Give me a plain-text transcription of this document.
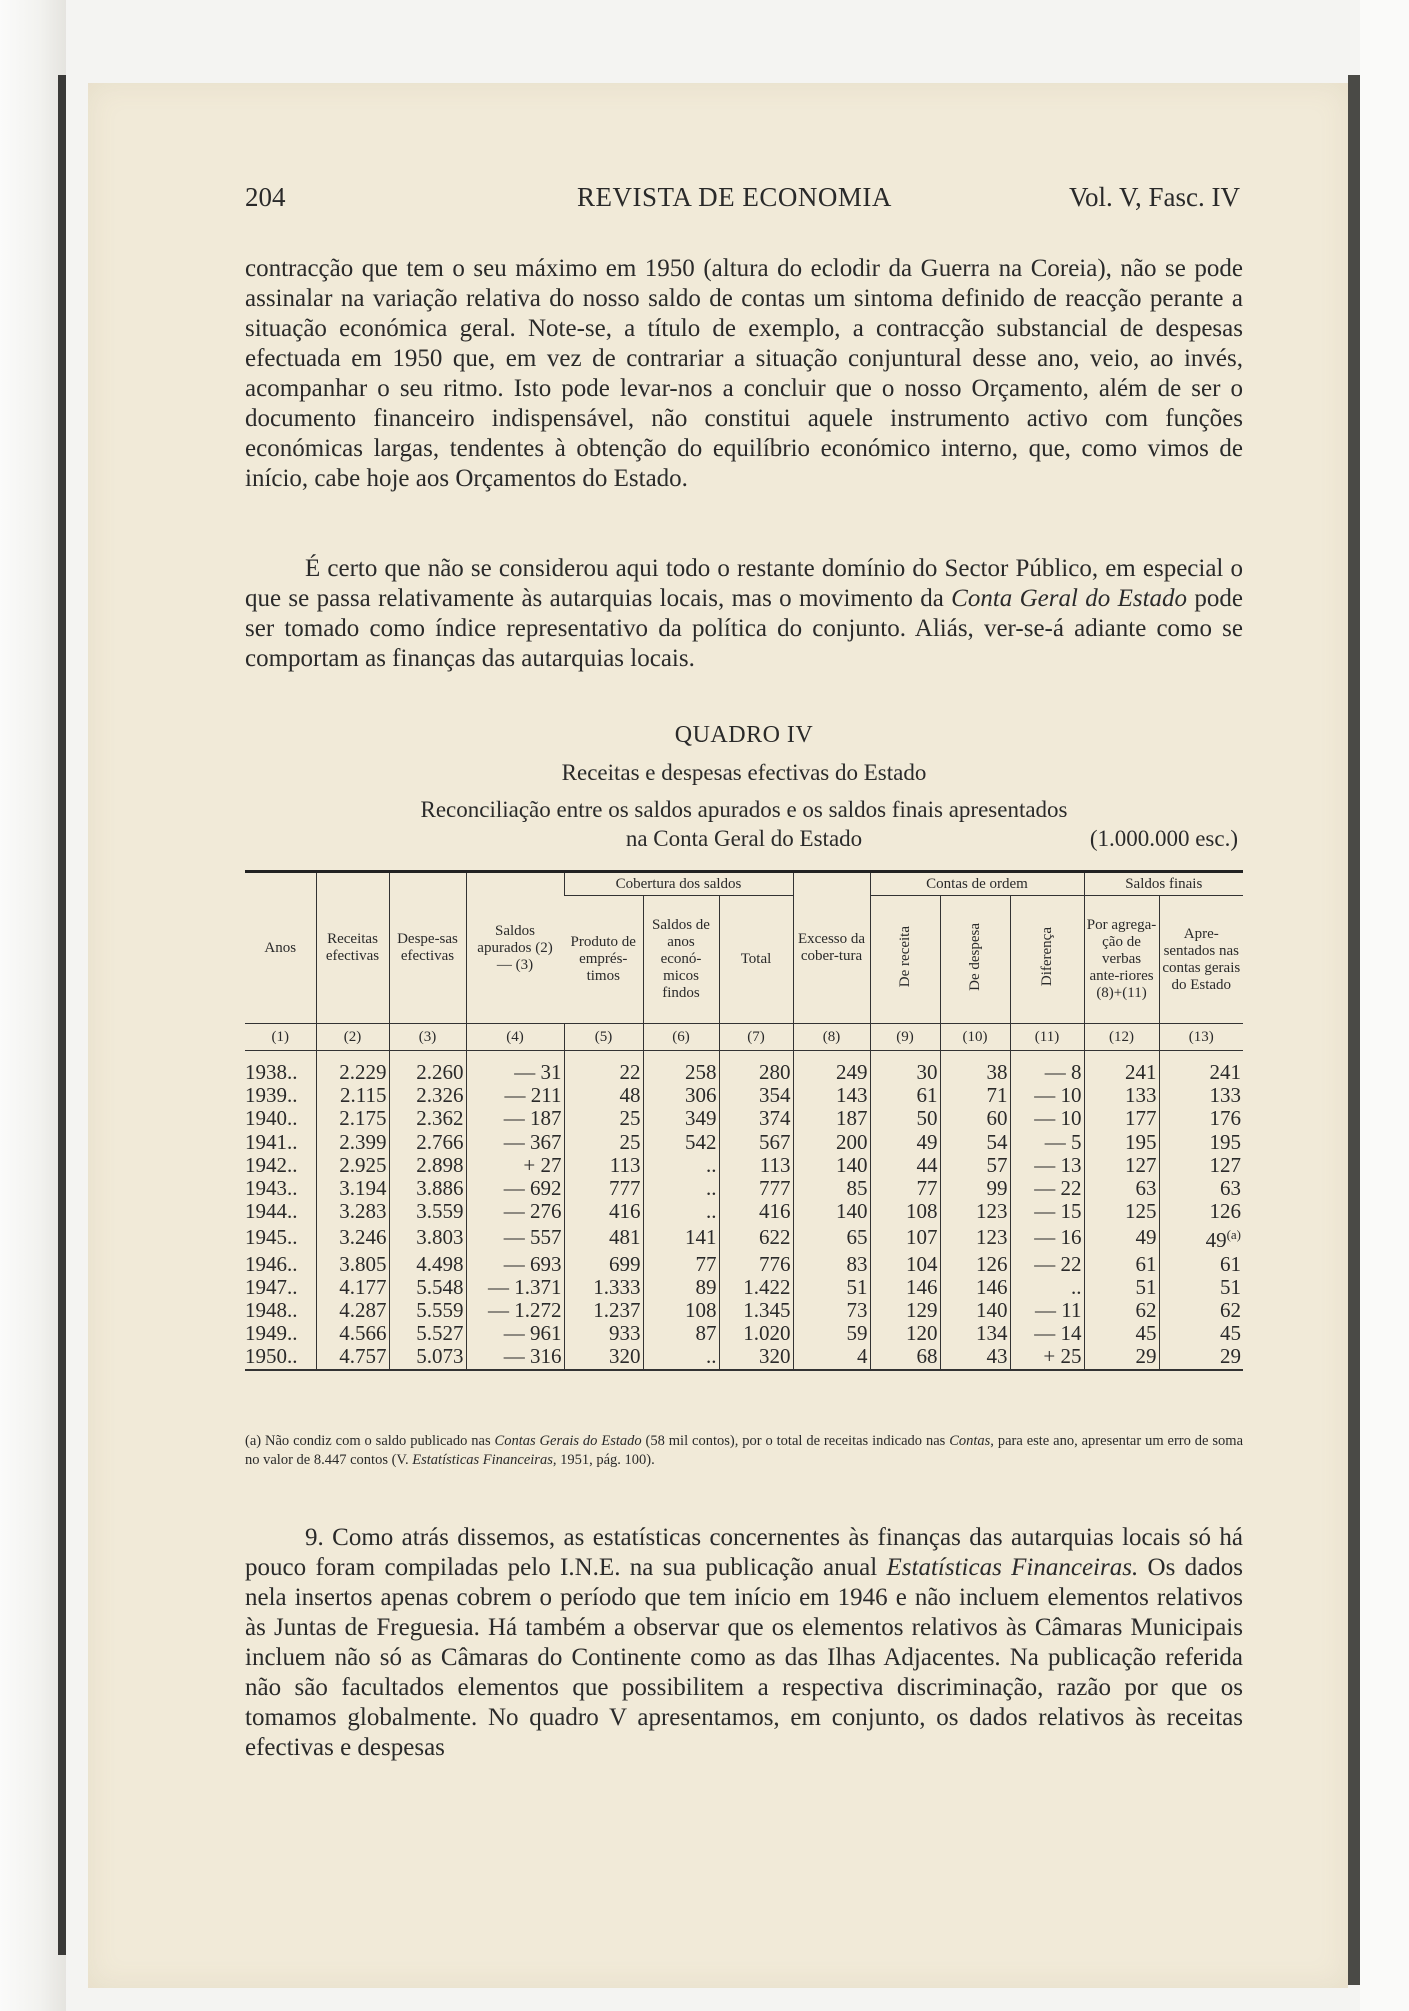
204	REVISTA DE ECONOMIA	Vol. V, Fasc. IV

contracção que tem o seu máximo em 1950 (altura do eclodir da Guerra na Coreia), não se pode assinalar na variação relativa do nosso saldo de contas um sintoma definido de reacção perante a situação económica geral. Note-se, a título de exemplo, a contracção substancial de despesas efectuada em 1950 que, em vez de contrariar a situação conjuntural desse ano, veio, ao invés, acompanhar o seu ritmo. Isto pode levar-nos a concluir que o nosso Orçamento, além de ser o documento financeiro indispensável, não constitui aquele instrumento activo com funções económicas largas, tendentes à obtenção do equilíbrio económico interno, que, como vimos de início, cabe hoje aos Orçamentos do Estado.

É certo que não se considerou aqui todo o restante domínio do Sector Público, em especial o que se passa relativamente às autarquias locais, mas o movimento da Conta Geral do Estado pode ser tomado como índice representativo da política do conjunto. Aliás, ver-se-á adiante como se comportam as finanças das autarquias locais.

QUADRO IV
Receitas e despesas efectivas do Estado
Reconciliação entre os saldos apurados e os saldos finais apresentados
na Conta Geral do Estado	(1.000.000 esc.)
Anos	Receitas efectivas	Despe-sas efectivas	Saldos apurados (2) — (3)	Cobertura dos saldos			Excesso da cober-tura	Contas de ordem			Saldos finais	
				Produto de emprés-timos	Saldos de anos econó-micos findos	Total		De receita	De despesa	Diferença	Por agrega-ção de verbas ante-riores (8)+(11)	Apre-sentados nas contas gerais do Estado
(1)	(2)	(3)	(4)	(5)	(6)	(7)	(8)	(9)	(10)	(11)	(12)	(13)
1938..	2.229	2.260	— 31	22	258	280	249	30	38	— 8	241	241
1939..	2.115	2.326	— 211	48	306	354	143	61	71	— 10	133	133
1940..	2.175	2.362	— 187	25	349	374	187	50	60	— 10	177	176
1941..	2.399	2.766	— 367	25	542	567	200	49	54	— 5	195	195
1942..	2.925	2.898	+ 27	113	..	113	140	44	57	— 13	127	127
1943..	3.194	3.886	— 692	777	..	777	85	77	99	— 22	63	63
1944..	3.283	3.559	— 276	416	..	416	140	108	123	— 15	125	126
1945..	3.246	3.803	— 557	481	141	622	65	107	123	— 16	49	49$^{(a)}$
1946..	3.805	4.498	— 693	699	77	776	83	104	126	— 22	61	61
1947..	4.177	5.548	— 1.371	1.333	89	1.422	51	146	146	..	51	51
1948..	4.287	5.559	— 1.272	1.237	108	1.345	73	129	140	— 11	62	62
1949..	4.566	5.527	— 961	933	87	1.020	59	120	134	— 14	45	45
1950..	4.757	5.073	— 316	320	..	320	4	68	43	+ 25	29	29
(a) Não condiz com o saldo publicado nas Contas Gerais do Estado (58 mil contos), por o total de receitas indicado nas Contas, para este ano, apresentar um erro de soma no valor de 8.447 contos (V. Estatísticas Financeiras, 1951, pág. 100).

9. Como atrás dissemos, as estatísticas concernentes às finanças das autarquias locais só há pouco foram compiladas pelo I.N.E. na sua publicação anual Estatísticas Financeiras. Os dados nela insertos apenas cobrem o período que tem início em 1946 e não incluem elementos relativos às Juntas de Freguesia. Há também a observar que os elementos relativos às Câmaras Municipais incluem não só as Câmaras do Continente como as das Ilhas Adjacentes. Na publicação referida não são facultados elementos que possibilitem a respectiva discriminação, razão por que os tomamos globalmente. No quadro V apresentamos, em conjunto, os dados relativos às receitas efectivas e despesas
